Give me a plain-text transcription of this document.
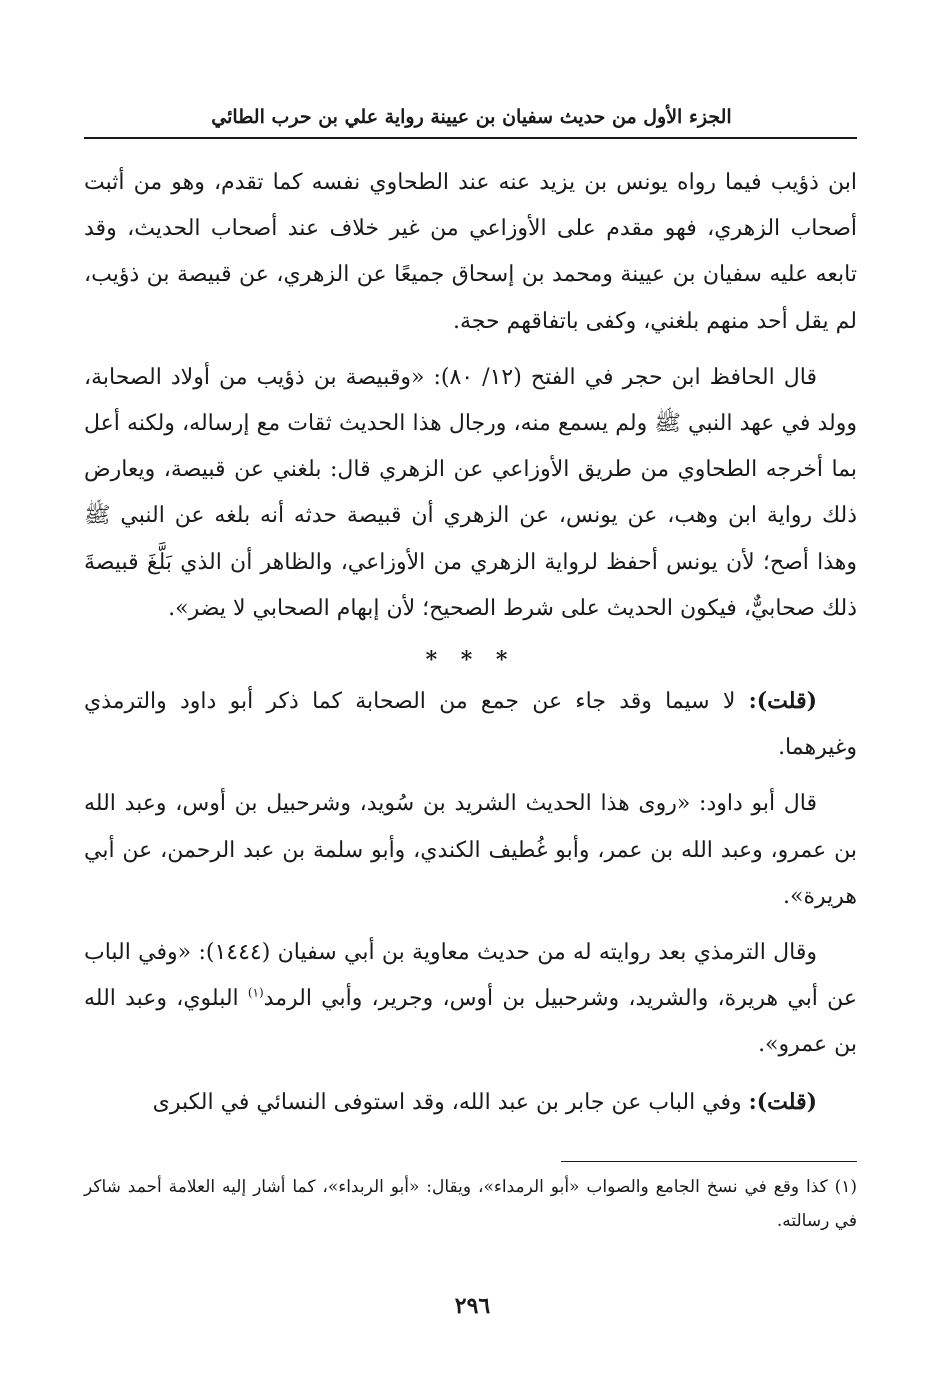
الجزء الأول من حديث سفيان بن عيينة رواية علي بن حرب الطائي

ابن ذؤيب فيما رواه يونس بن يزيد عنه عند الطحاوي نفسه كما تقدم، وهو من أثبت أصحاب الزهري، فهو مقدم على الأوزاعي من غير خلاف عند أصحاب الحديث، وقد تابعه عليه سفيان بن عيينة ومحمد بن إسحاق جميعًا عن الزهري، عن قبيصة بن ذؤيب، لم يقل أحد منهم بلغني، وكفى باتفاقهم حجة.

قال الحافظ ابن حجر في الفتح (١٢/ ٨٠): «وقبيصة بن ذؤيب من أولاد الصحابة، وولد في عهد النبي ﷺ ولم يسمع منه، ورجال هذا الحديث ثقات مع إرساله، ولكنه أعل بما أخرجه الطحاوي من طريق الأوزاعي عن الزهري قال: بلغني عن قبيصة، ويعارض ذلك رواية ابن وهب، عن يونس، عن الزهري أن قبيصة حدثه أنه بلغه عن النبي ﷺ وهذا أصح؛ لأن يونس أحفظ لرواية الزهري من الأوزاعي، والظاهر أن الذي بَلَّغَ قبيصةَ ذلك صحابيٌّ، فيكون الحديث على شرط الصحيح؛ لأن إبهام الصحابي لا يضر».

* * *

(قلت): لا سيما وقد جاء عن جمع من الصحابة كما ذكر أبو داود والترمذي وغيرهما.

قال أبو داود: «روى هذا الحديث الشريد بن سُويد، وشرحبيل بن أوس، وعبد الله بن عمرو، وعبد الله بن عمر، وأبو غُطيف الكندي، وأبو سلمة بن عبد الرحمن، عن أبي هريرة».

وقال الترمذي بعد روايته له من حديث معاوية بن أبي سفيان (١٤٤٤): «وفي الباب عن أبي هريرة، والشريد، وشرحبيل بن أوس، وجرير، وأبي الرمد$^{(١)}$ البلوي، وعبد الله بن عمرو».

(قلت): وفي الباب عن جابر بن عبد الله، وقد استوفى النسائي في الكبرى

(١) كذا وقع في نسخ الجامع والصواب «أبو الرمداء»، ويقال: «أبو الربداء»، كما أشار إليه العلامة أحمد شاكر في رسالته.
٢٩٦
